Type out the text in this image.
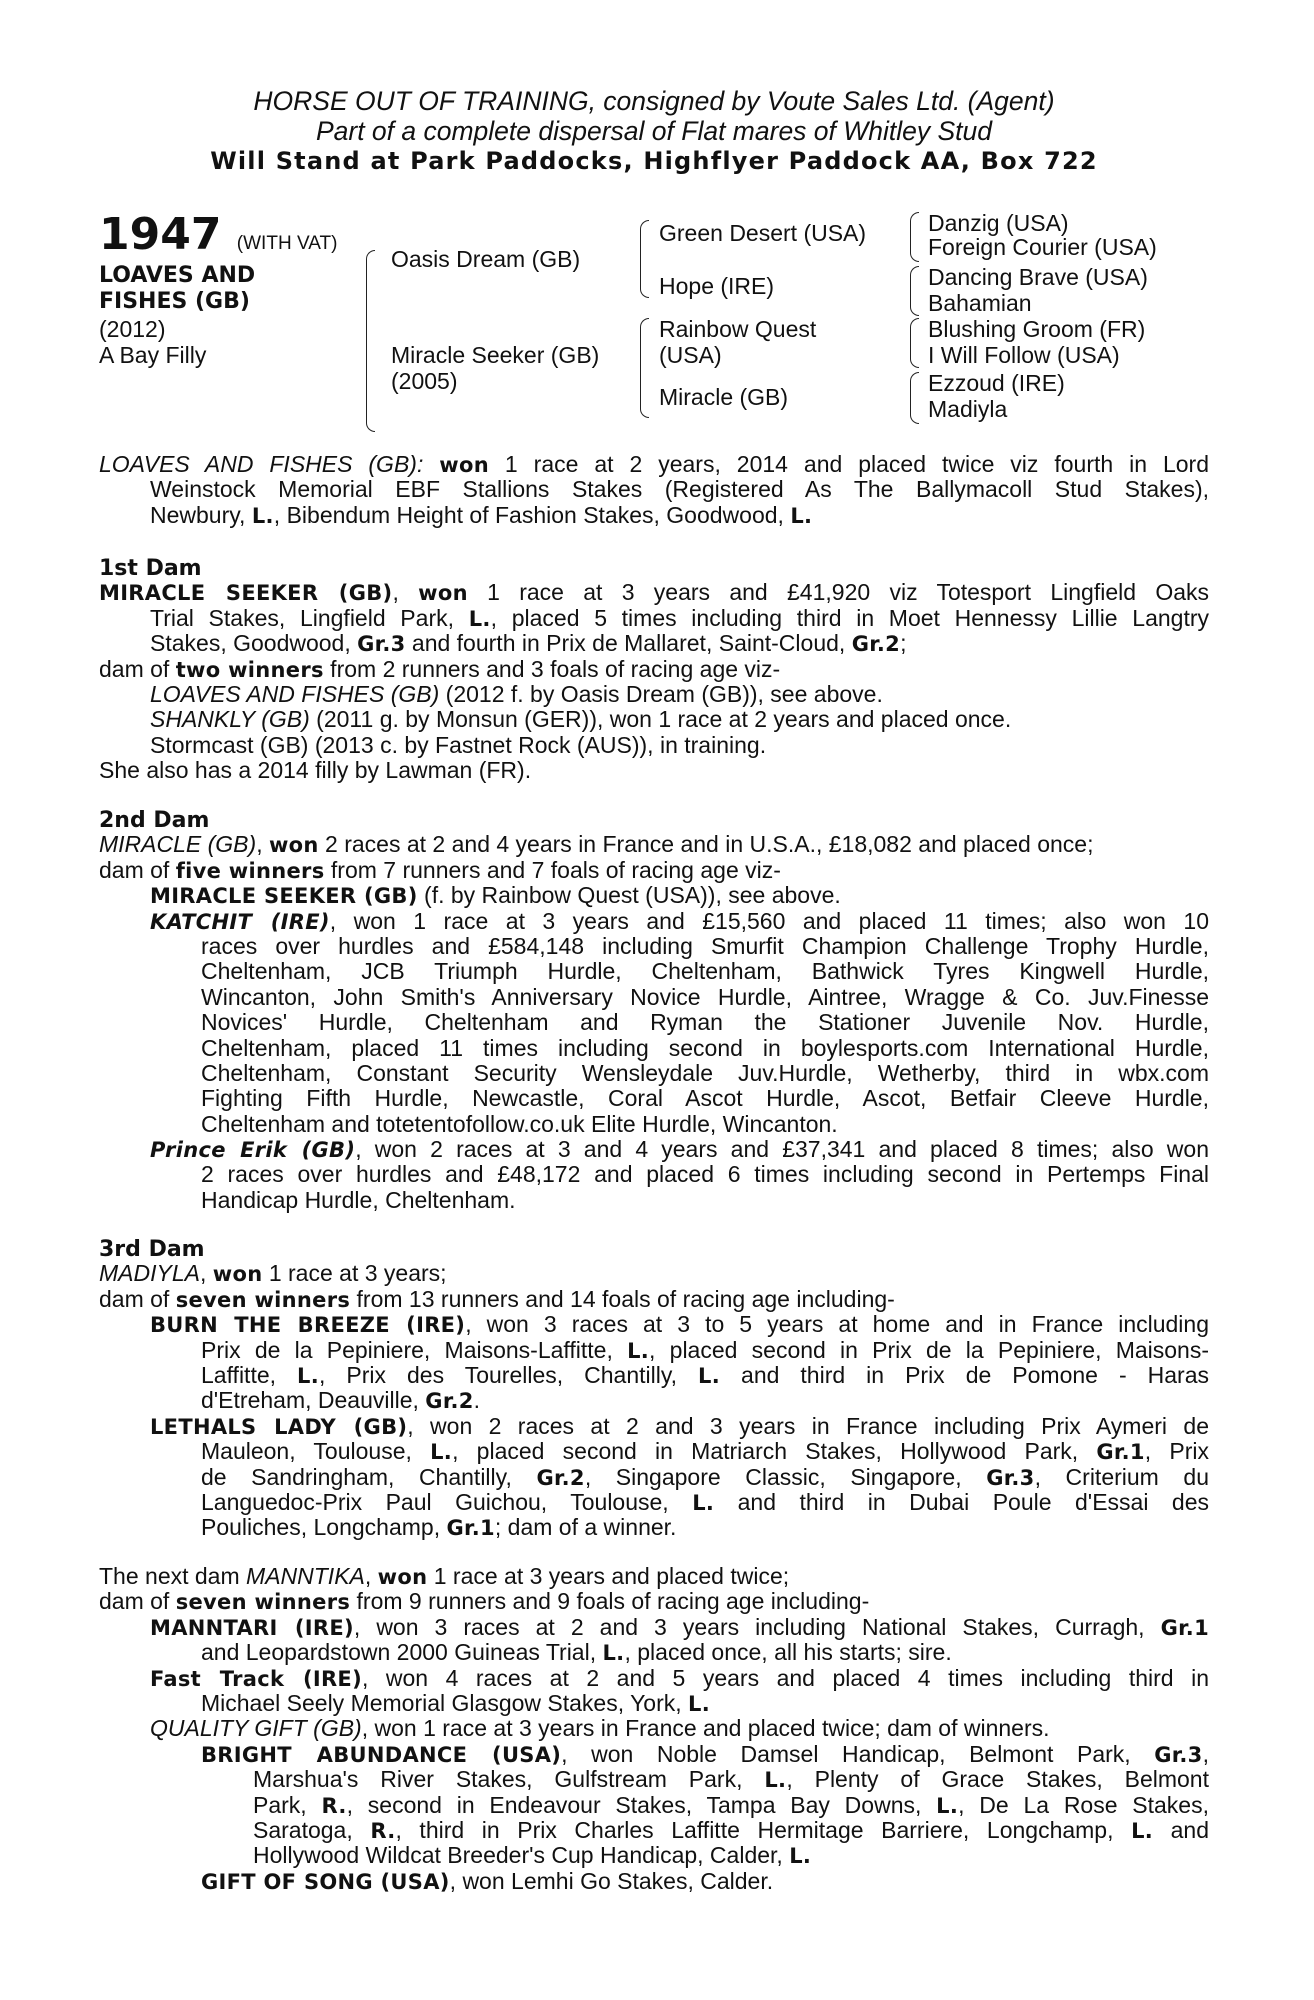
HORSE OUT OF TRAINING, consigned by Voute Sales Ltd. (Agent)
Part of a complete dispersal of Flat mares of Whitley Stud
Will Stand at Park Paddocks, Highflyer Paddock AA, Box 722
1947 (WITH VAT)
LOAVES AND
FISHES (GB)
(2012)
A Bay Filly
Oasis Dream (GB)
Miracle Seeker (GB)
(2005)
Green Desert (USA)
Hope (IRE)
Rainbow Quest
(USA)
Miracle (GB)
Danzig (USA)
Foreign Courier (USA)
Dancing Brave (USA)
Bahamian
Blushing Groom (FR)
I Will Follow (USA)
Ezzoud (IRE)
Madiyla
LOAVES AND FISHES (GB): won 1 race at 2 years, 2014 and placed twice viz fourth in Lord
Weinstock Memorial EBF Stallions Stakes (Registered As The Ballymacoll Stud Stakes),
Newbury, L., Bibendum Height of Fashion Stakes, Goodwood, L.
1st Dam
MIRACLE SEEKER (GB), won 1 race at 3 years and £41,920 viz Totesport Lingfield Oaks
Trial Stakes, Lingfield Park, L., placed 5 times including third in Moet Hennessy Lillie Langtry
Stakes, Goodwood, Gr.3 and fourth in Prix de Mallaret, Saint-Cloud, Gr.2;
dam of two winners from 2 runners and 3 foals of racing age viz-
LOAVES AND FISHES (GB) (2012 f. by Oasis Dream (GB)), see above.
SHANKLY (GB) (2011 g. by Monsun (GER)), won 1 race at 2 years and placed once.
Stormcast (GB) (2013 c. by Fastnet Rock (AUS)), in training.
She also has a 2014 filly by Lawman (FR).
2nd Dam
MIRACLE (GB), won 2 races at 2 and 4 years in France and in U.S.A., £18,082 and placed once;
dam of five winners from 7 runners and 7 foals of racing age viz-
MIRACLE SEEKER (GB) (f. by Rainbow Quest (USA)), see above.
KATCHIT (IRE), won 1 race at 3 years and £15,560 and placed 11 times; also won 10
races over hurdles and £584,148 including Smurfit Champion Challenge Trophy Hurdle,
Cheltenham, JCB Triumph Hurdle, Cheltenham, Bathwick Tyres Kingwell Hurdle,
Wincanton, John Smith's Anniversary Novice Hurdle, Aintree, Wragge & Co. Juv.Finesse
Novices' Hurdle, Cheltenham and Ryman the Stationer Juvenile Nov. Hurdle,
Cheltenham, placed 11 times including second in boylesports.com International Hurdle,
Cheltenham, Constant Security Wensleydale Juv.Hurdle, Wetherby, third in wbx.com
Fighting Fifth Hurdle, Newcastle, Coral Ascot Hurdle, Ascot, Betfair Cleeve Hurdle,
Cheltenham and totetentofollow.co.uk Elite Hurdle, Wincanton.
Prince Erik (GB), won 2 races at 3 and 4 years and £37,341 and placed 8 times; also won
2 races over hurdles and £48,172 and placed 6 times including second in Pertemps Final
Handicap Hurdle, Cheltenham.
3rd Dam
MADIYLA, won 1 race at 3 years;
dam of seven winners from 13 runners and 14 foals of racing age including-
BURN THE BREEZE (IRE), won 3 races at 3 to 5 years at home and in France including
Prix de la Pepiniere, Maisons-Laffitte, L., placed second in Prix de la Pepiniere, Maisons-
Laffitte, L., Prix des Tourelles, Chantilly, L. and third in Prix de Pomone - Haras
d'Etreham, Deauville, Gr.2.
LETHALS LADY (GB), won 2 races at 2 and 3 years in France including Prix Aymeri de
Mauleon, Toulouse, L., placed second in Matriarch Stakes, Hollywood Park, Gr.1, Prix
de Sandringham, Chantilly, Gr.2, Singapore Classic, Singapore, Gr.3, Criterium du
Languedoc-Prix Paul Guichou, Toulouse, L. and third in Dubai Poule d'Essai des
Pouliches, Longchamp, Gr.1; dam of a winner.
The next dam MANNTIKA, won 1 race at 3 years and placed twice;
dam of seven winners from 9 runners and 9 foals of racing age including-
MANNTARI (IRE), won 3 races at 2 and 3 years including National Stakes, Curragh, Gr.1
and Leopardstown 2000 Guineas Trial, L., placed once, all his starts; sire.
Fast Track (IRE), won 4 races at 2 and 5 years and placed 4 times including third in
Michael Seely Memorial Glasgow Stakes, York, L.
QUALITY GIFT (GB), won 1 race at 3 years in France and placed twice; dam of winners.
BRIGHT ABUNDANCE (USA), won Noble Damsel Handicap, Belmont Park, Gr.3,
Marshua's River Stakes, Gulfstream Park, L., Plenty of Grace Stakes, Belmont
Park, R., second in Endeavour Stakes, Tampa Bay Downs, L., De La Rose Stakes,
Saratoga, R., third in Prix Charles Laffitte Hermitage Barriere, Longchamp, L. and
Hollywood Wildcat Breeder's Cup Handicap, Calder, L.
GIFT OF SONG (USA), won Lemhi Go Stakes, Calder.
